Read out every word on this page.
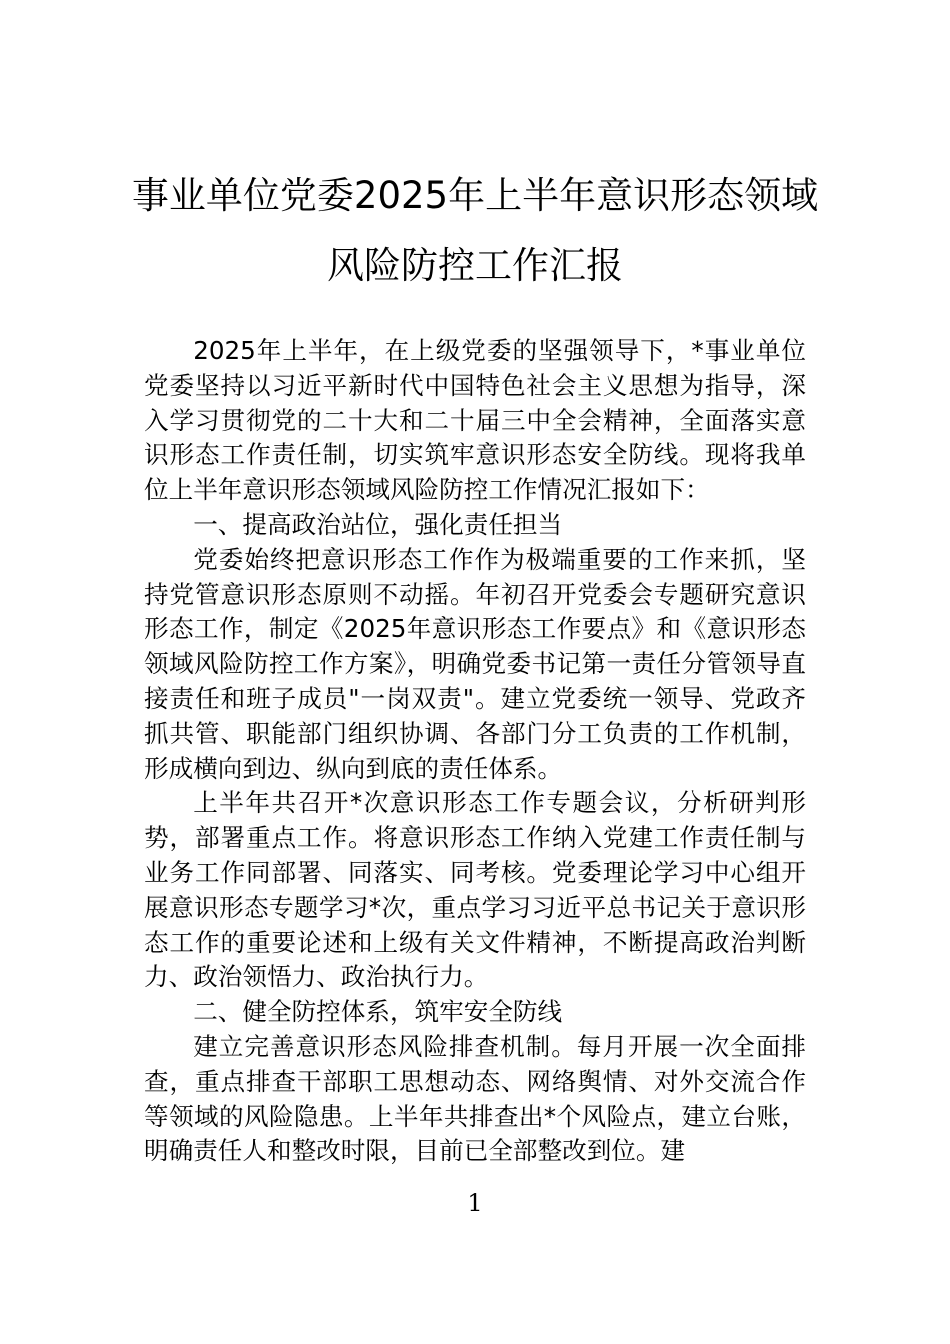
事业单位党委2025年上半年意识形态领域
风险防控工作汇报

2025年上半年，在上级党委的坚强领导下，*事业单位党委坚持以习近平新时代中国特色社会主义思想为指导，深入学习贯彻党的二十大和二十届三中全会精神，全面落实意识形态工作责任制，切实筑牢意识形态安全防线。现将我单位上半年意识形态领域风险防控工作情况汇报如下：

一、提高政治站位，强化责任担当

党委始终把意识形态工作作为极端重要的工作来抓，坚持党管意识形态原则不动摇。年初召开党委会专题研究意识形态工作，制定《2025年意识形态工作要点》和《意识形态领域风险防控工作方案》，明确党委书记第一责任分管领导直接责任和班子成员"一岗双责"。建立党委统一领导、党政齐抓共管、职能部门组织协调、各部门分工负责的工作机制，形成横向到边、纵向到底的责任体系。

上半年共召开*次意识形态工作专题会议，分析研判形势，部署重点工作。将意识形态工作纳入党建工作责任制与业务工作同部署、同落实、同考核。党委理论学习中心组开展意识形态专题学习*次，重点学习习近平总书记关于意识形态工作的重要论述和上级有关文件精神，不断提高政治判断力、政治领悟力、政治执行力。

二、健全防控体系，筑牢安全防线

建立完善意识形态风险排查机制。每月开展一次全面排查，重点排查干部职工思想动态、网络舆情、对外交流合作等领域的风险隐患。上半年共排查出*个风险点，建立台账，明确责任人和整改时限，目前已全部整改到位。建

1
